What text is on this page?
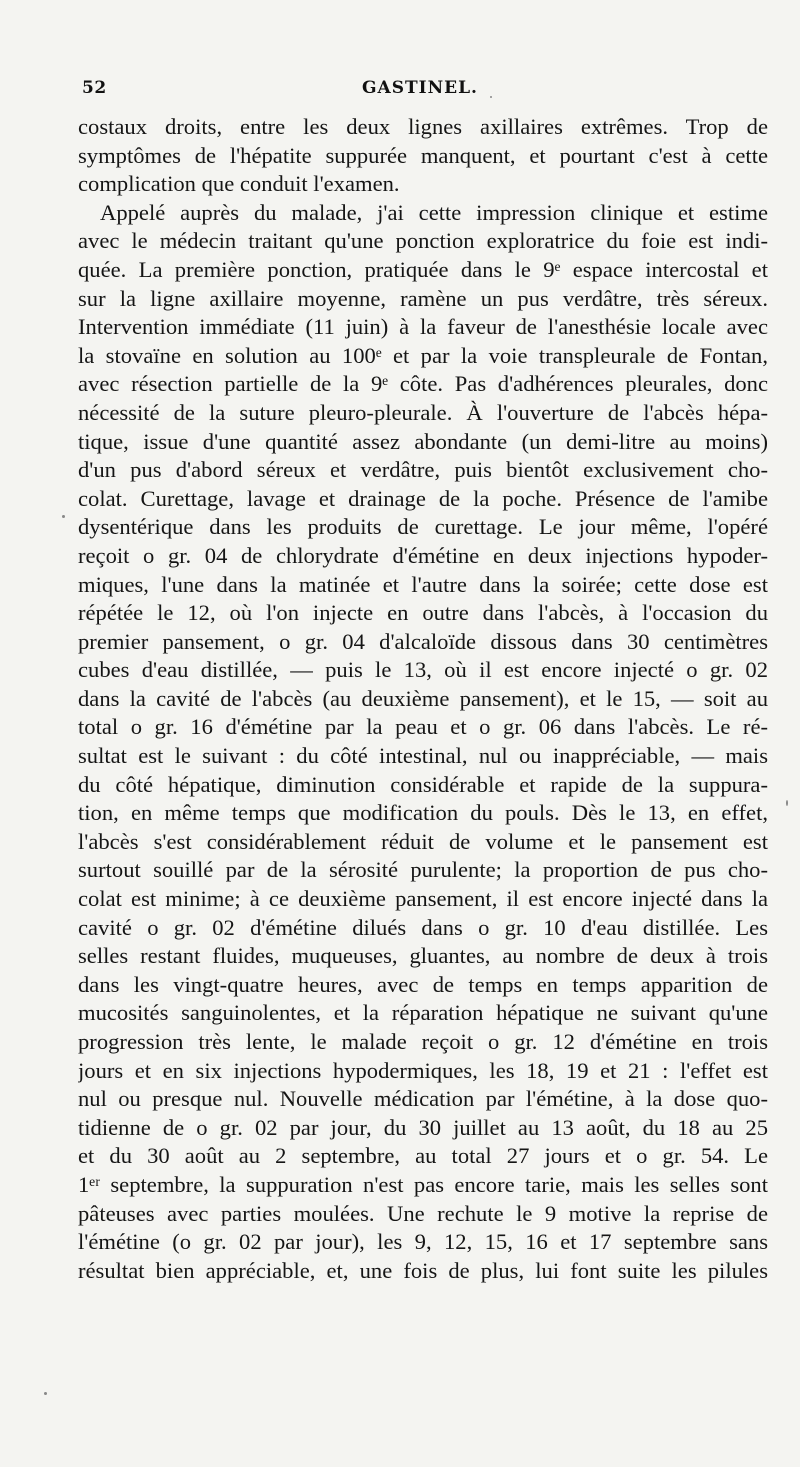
52	GASTINEL.
costaux droits, entre les deux lignes axillaires extrêmes. Trop de
symptômes de l'hépatite suppurée manquent, et pourtant c'est à cette
complication que conduit l'examen.
Appelé auprès du malade, j'ai cette impression clinique et estime
avec le médecin traitant qu'une ponction exploratrice du foie est indi-
quée. La première ponction, pratiquée dans le 9ᵉ espace intercostal et
sur la ligne axillaire moyenne, ramène un pus verdâtre, très séreux.
Intervention immédiate (11 juin) à la faveur de l'anesthésie locale avec
la stovaïne en solution au 100ᵉ et par la voie transpleurale de Fontan,
avec résection partielle de la 9ᵉ côte. Pas d'adhérences pleurales, donc
nécessité de la suture pleuro-pleurale. À l'ouverture de l'abcès hépa-
tique, issue d'une quantité assez abondante (un demi-litre au moins)
d'un pus d'abord séreux et verdâtre, puis bientôt exclusivement cho-
colat. Curettage, lavage et drainage de la poche. Présence de l'amibe
dysentérique dans les produits de curettage. Le jour même, l'opéré
reçoit o gr. 04 de chlorydrate d'émétine en deux injections hypoder-
miques, l'une dans la matinée et l'autre dans la soirée; cette dose est
répétée le 12, où l'on injecte en outre dans l'abcès, à l'occasion du
premier pansement, o gr. 04 d'alcaloïde dissous dans 30 centimètres
cubes d'eau distillée, — puis le 13, où il est encore injecté o gr. 02
dans la cavité de l'abcès (au deuxième pansement), et le 15, — soit au
total o gr. 16 d'émétine par la peau et o gr. 06 dans l'abcès. Le ré-
sultat est le suivant : du côté intestinal, nul ou inappréciable, — mais
du côté hépatique, diminution considérable et rapide de la suppura-
tion, en même temps que modification du pouls. Dès le 13, en effet,
l'abcès s'est considérablement réduit de volume et le pansement est
surtout souillé par de la sérosité purulente; la proportion de pus cho-
colat est minime; à ce deuxième pansement, il est encore injecté dans la
cavité o gr. 02 d'émétine dilués dans o gr. 10 d'eau distillée. Les
selles restant fluides, muqueuses, gluantes, au nombre de deux à trois
dans les vingt-quatre heures, avec de temps en temps apparition de
mucosités sanguinolentes, et la réparation hépatique ne suivant qu'une
progression très lente, le malade reçoit o gr. 12 d'émétine en trois
jours et en six injections hypodermiques, les 18, 19 et 21 : l'effet est
nul ou presque nul. Nouvelle médication par l'émétine, à la dose quo-
tidienne de o gr. 02 par jour, du 30 juillet au 13 août, du 18 au 25
et du 30 août au 2 septembre, au total 27 jours et o gr. 54. Le
1ᵉʳ septembre, la suppuration n'est pas encore tarie, mais les selles sont
pâteuses avec parties moulées. Une rechute le 9 motive la reprise de
l'émétine (o gr. 02 par jour), les 9, 12, 15, 16 et 17 septembre sans
résultat bien appréciable, et, une fois de plus, lui font suite les pilules
